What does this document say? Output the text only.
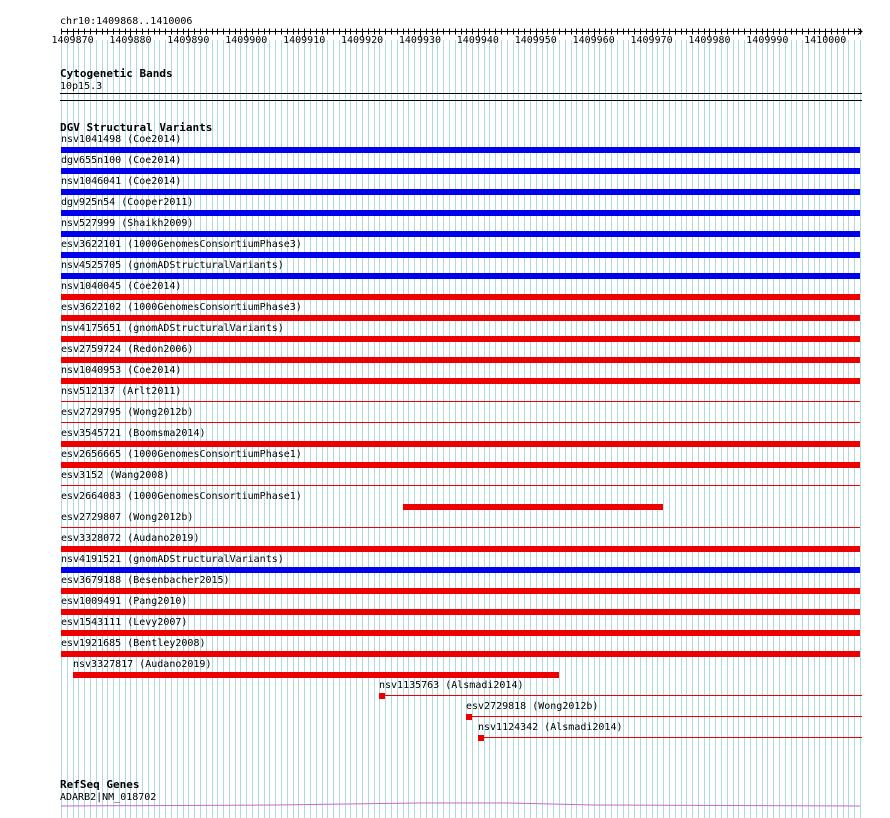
chr10:1409868..1410006
1409870 1409880 1409890 1409900 1409910 1409920 1409930 1409940 1409950 1409960 1409970 1409980 1409990 1410000
Cytogenetic Bands
10p15.3
DGV Structural Variants
nsv1041498 (Coe2014)
dgv655n100 (Coe2014)
nsv1046041 (Coe2014)
dgv925n54 (Cooper2011)
nsv527999 (Shaikh2009)
esv3622101 (1000GenomesConsortiumPhase3)
nsv4525705 (gnomADStructuralVariants)
nsv1040045 (Coe2014)
esv3622102 (1000GenomesConsortiumPhase3)
nsv4175651 (gnomADStructuralVariants)
esv2759724 (Redon2006)
nsv1040953 (Coe2014)
nsv512137 (Arlt2011)
esv2729795 (Wong2012b)
esv3545721 (Boomsma2014)
esv2656665 (1000GenomesConsortiumPhase1)
esv3152 (Wang2008)
esv2664083 (1000GenomesConsortiumPhase1)
esv2729807 (Wong2012b)
esv3328072 (Audano2019)
nsv4191521 (gnomADStructuralVariants)
esv3679188 (Besenbacher2015)
esv1009491 (Pang2010)
esv1543111 (Levy2007)
esv1921685 (Bentley2008)
nsv3327817 (Audano2019)
nsv1135763 (Alsmadi2014)
esv2729818 (Wong2012b)
nsv1124342 (Alsmadi2014)
RefSeq Genes
ADARB2|NM_018702
